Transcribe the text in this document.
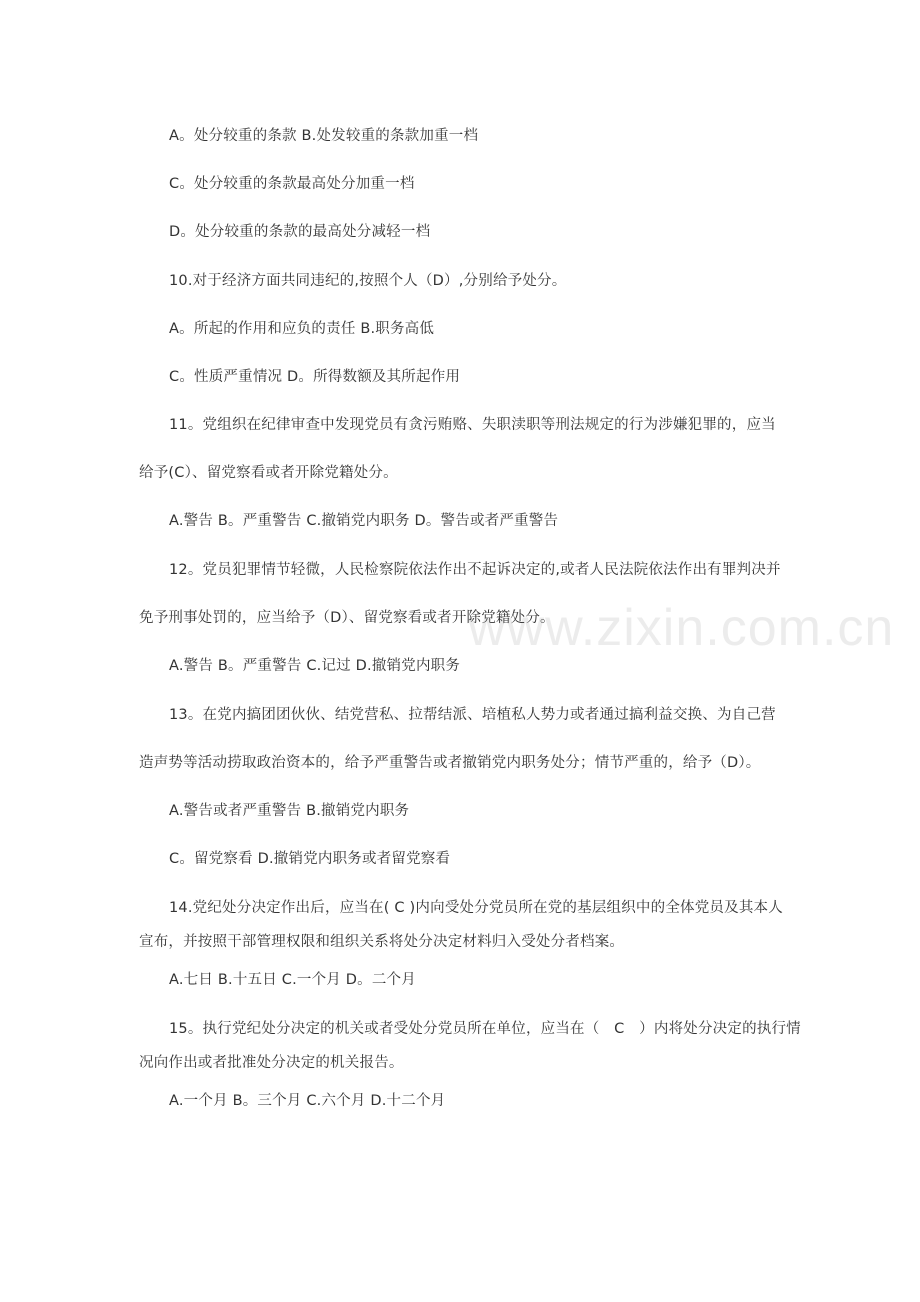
A。处分较重的条款 B.处发较重的条款加重一档
C。处分较重的条款最高处分加重一档
D。处分较重的条款的最高处分减轻一档
10.对于经济方面共同违纪的,按照个人（D）,分别给予处分。
A。所起的作用和应负的责任 B.职务高低
C。性质严重情况 D。所得数额及其所起作用
11。党组织在纪律审查中发现党员有贪污贿赂、失职渎职等刑法规定的行为涉嫌犯罪的，应当
给予(C）、留党察看或者开除党籍处分。
A.警告 B。严重警告 C.撤销党内职务 D。警告或者严重警告
12。党员犯罪情节轻微，人民检察院依法作出不起诉决定的,或者人民法院依法作出有罪判决并
免予刑事处罚的，应当给予（D）、留党察看或者开除党籍处分。
A.警告 B。严重警告 C.记过 D.撤销党内职务
13。在党内搞团团伙伙、结党营私、拉帮结派、培植私人势力或者通过搞利益交换、为自己营
造声势等活动捞取政治资本的，给予严重警告或者撤销党内职务处分；情节严重的，给予（D）。
A.警告或者严重警告 B.撤销党内职务
C。留党察看 D.撤销党内职务或者留党察看
14.党纪处分决定作出后，应当在( C )内向受处分党员所在党的基层组织中的全体党员及其本人
宣布，并按照干部管理权限和组织关系将处分决定材料归入受处分者档案。
A.七日 B.十五日 C.一个月 D。二个月
15。执行党纪处分决定的机关或者受处分党员所在单位，应当在（　C　）内将处分决定的执行情
况向作出或者批准处分决定的机关报告。
A.一个月 B。三个月 C.六个月 D.十二个月
www.zixin.com.cn
